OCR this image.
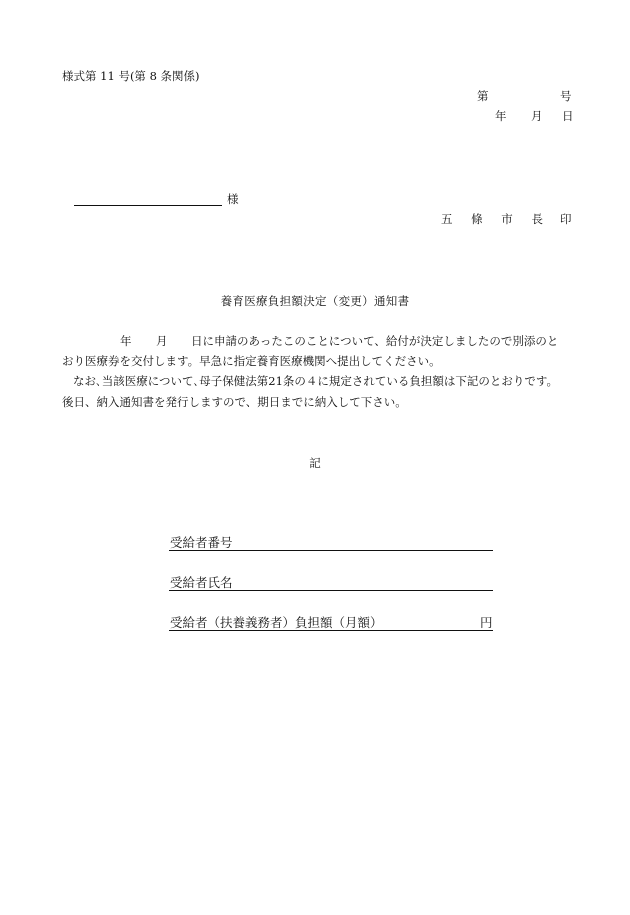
様式第 11 号(第 8 条関係)
第	号
年 月 日
様
五 條 市 長 印
養育医療負担額決定（変更）通知書
年 月 日に申請のあったこのことについて、給付が決定しましたので別添のと
おり医療券を交付します。早急に指定養育医療機関へ提出してください。
なお､当該医療について､母子保健法第21条の４に規定されている負担額は下記のとおりです。
後日、納入通知書を発行しますので、期日までに納入して下さい。
記
受給者番号
受給者氏名
受給者（扶養義務者）負担額（月額）	円
